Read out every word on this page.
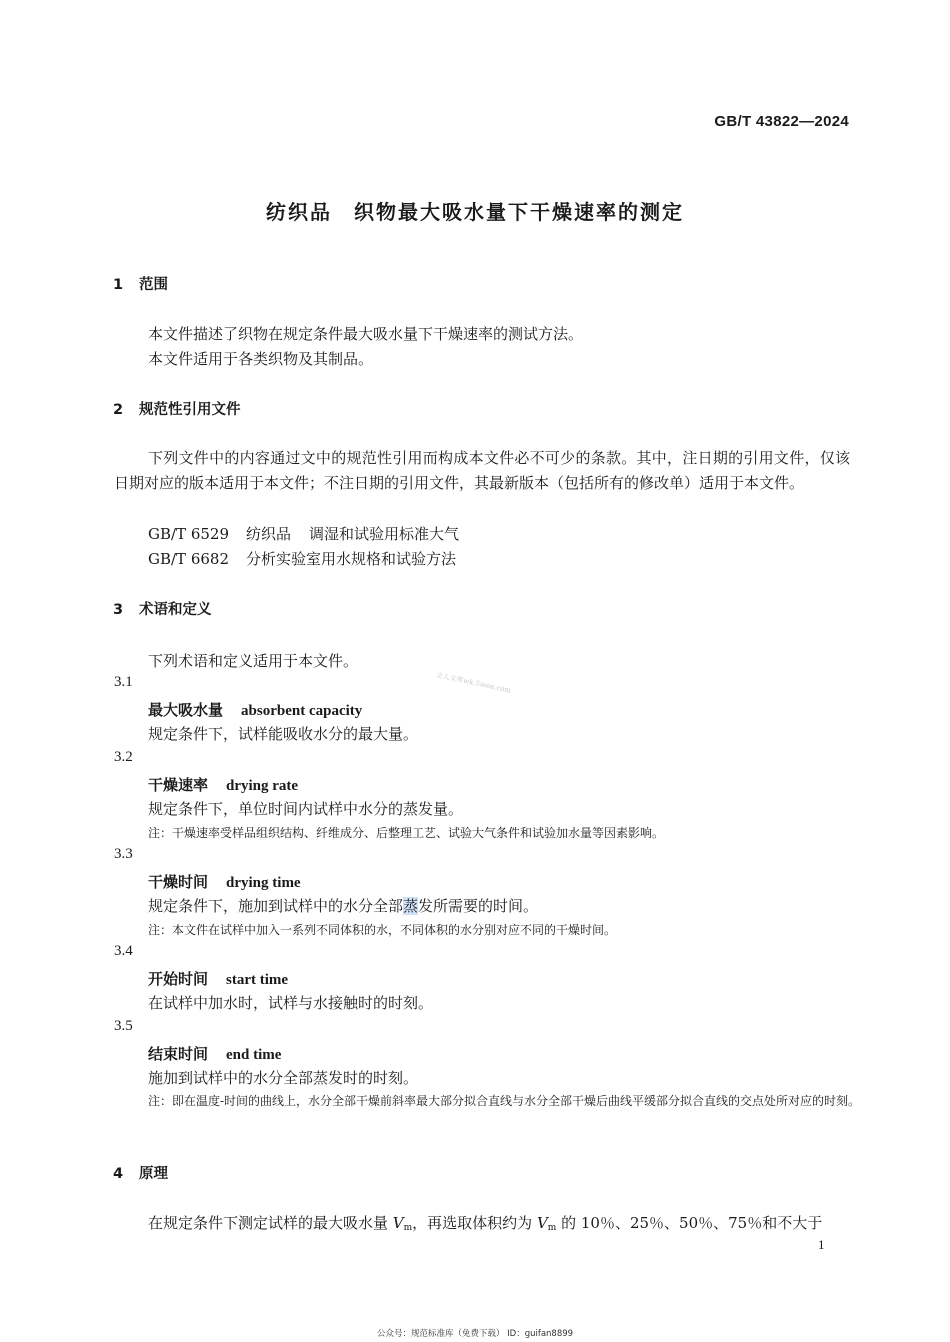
GB/T 43822—2024
纺织品　织物最大吸水量下干燥速率的测定
1 范围
本文件描述了织物在规定条件最大吸水量下干燥速率的测试方法。
本文件适用于各类织物及其制品。
2 规范性引用文件
下列文件中的内容通过文中的规范性引用而构成本文件必不可少的条款。其中，注日期的引用文件，仅该日期对应的版本适用于本文件；不注日期的引用文件，其最新版本（包括所有的修改单）适用于本文件。
GB/T 6529 纺织品 调湿和试验用标准大气
GB/T 6682 分析实验室用水规格和试验方法
3 术语和定义
下列术语和定义适用于本文件。
文人文库wk.5ieee.com
3.1
最大吸水量 absorbent capacity
规定条件下，试样能吸收水分的最大量。
3.2
干燥速率 drying rate
规定条件下，单位时间内试样中水分的蒸发量。
注：干燥速率受样品组织结构、纤维成分、后整理工艺、试验大气条件和试验加水量等因素影响。
3.3
干燥时间 drying time
规定条件下，施加到试样中的水分全部蒸发所需要的时间。
注：本文件在试样中加入一系列不同体积的水，不同体积的水分别对应不同的干燥时间。
3.4
开始时间 start time
在试样中加水时，试样与水接触时的时刻。
3.5
结束时间 end time
施加到试样中的水分全部蒸发时的时刻。
注：即在温度-时间的曲线上，水分全部干燥前斜率最大部分拟合直线与水分全部干燥后曲线平缓部分拟合直线的交点处所对应的时刻。
4 原理
在规定条件下测定试样的最大吸水量 $V_m$，再选取体积约为 $V_m$ 的 10％、25％、50％、75％和不大于
1
公众号：规范标准库（免费下载） ID：guifan8899
